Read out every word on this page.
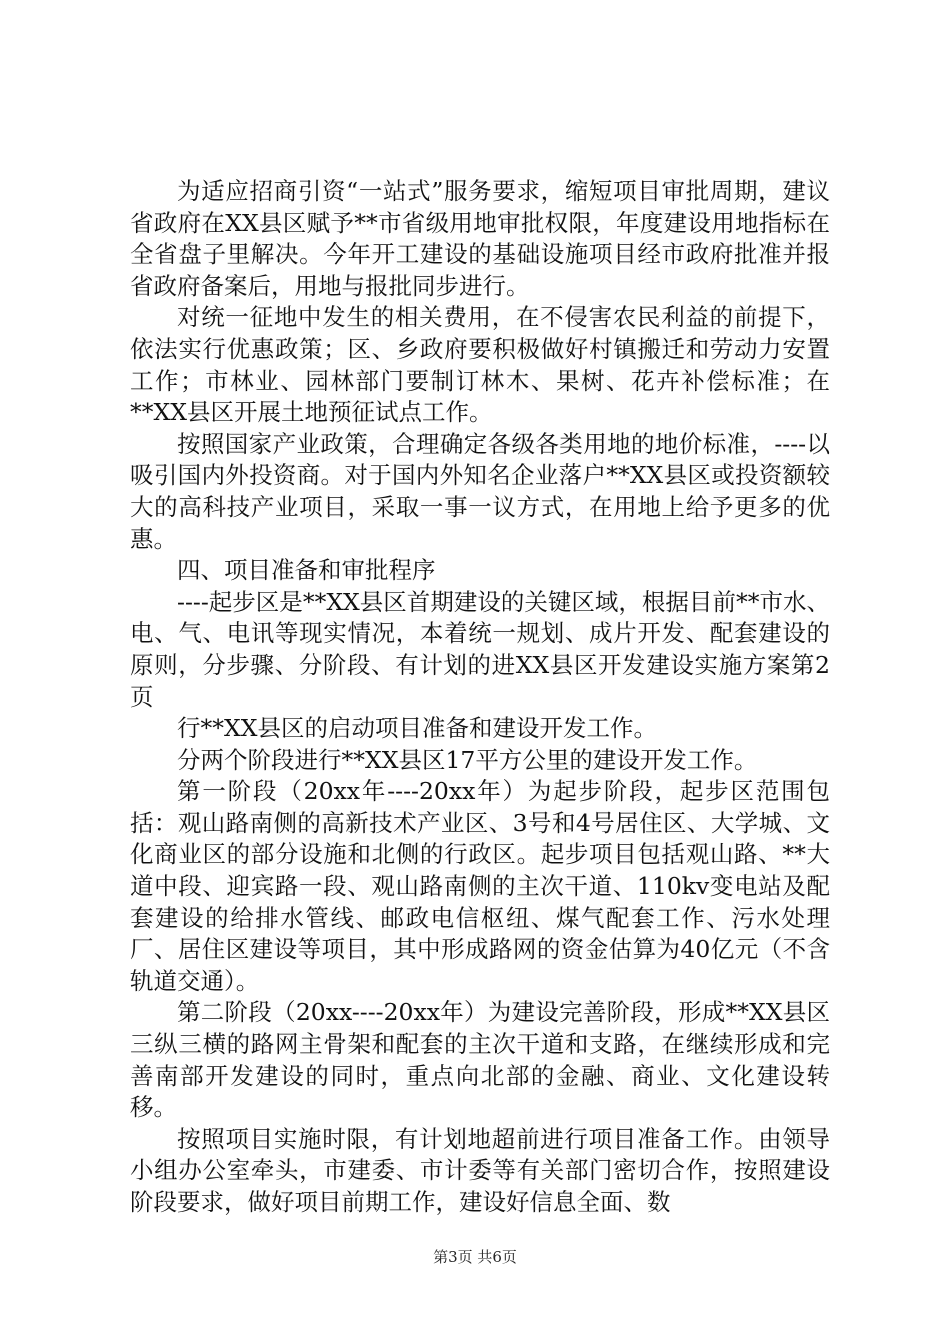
为适应招商引资“一站式”服务要求，缩短项目审批周期，建议省政府在XX县区赋予**市省级用地审批权限，年度建设用地指标在全省盘子里解决。今年开工建设的基础设施项目经市政府批准并报省政府备案后，用地与报批同步进行。

对统一征地中发生的相关费用，在不侵害农民利益的前提下，依法实行优惠政策；区、乡政府要积极做好村镇搬迁和劳动力安置工作；市林业、园林部门要制订林木、果树、花卉补偿标准；在**XX县区开展土地预征试点工作。

按照国家产业政策，合理确定各级各类用地的地价标准，----以吸引国内外投资商。对于国内外知名企业落户**XX县区或投资额较大的高科技产业项目，采取一事一议方式，在用地上给予更多的优惠。

四、项目准备和审批程序

----起步区是**XX县区首期建设的关键区域，根据目前**市水、电、气、电讯等现实情况，本着统一规划、成片开发、配套建设的原则，分步骤、分阶段、有计划的进XX县区开发建设实施方案第2页

行**XX县区的启动项目准备和建设开发工作。

分两个阶段进行**XX县区17平方公里的建设开发工作。

第一阶段（20xx年----20xx年）为起步阶段，起步区范围包括：观山路南侧的高新技术产业区、3号和4号居住区、大学城、文化商业区的部分设施和北侧的行政区。起步项目包括观山路、**大道中段、迎宾路一段、观山路南侧的主次干道、110kv变电站及配套建设的给排水管线、邮政电信枢纽、煤气配套工作、污水处理厂、居住区建设等项目，其中形成路网的资金估算为40亿元（不含轨道交通）。

第二阶段（20xx----20xx年）为建设完善阶段，形成**XX县区三纵三横的路网主骨架和配套的主次干道和支路，在继续形成和完善南部开发建设的同时，重点向北部的金融、商业、文化建设转移。

按照项目实施时限，有计划地超前进行项目准备工作。由领导小组办公室牵头，市建委、市计委等有关部门密切合作，按照建设阶段要求，做好项目前期工作，建设好信息全面、数

第3页 共6页
